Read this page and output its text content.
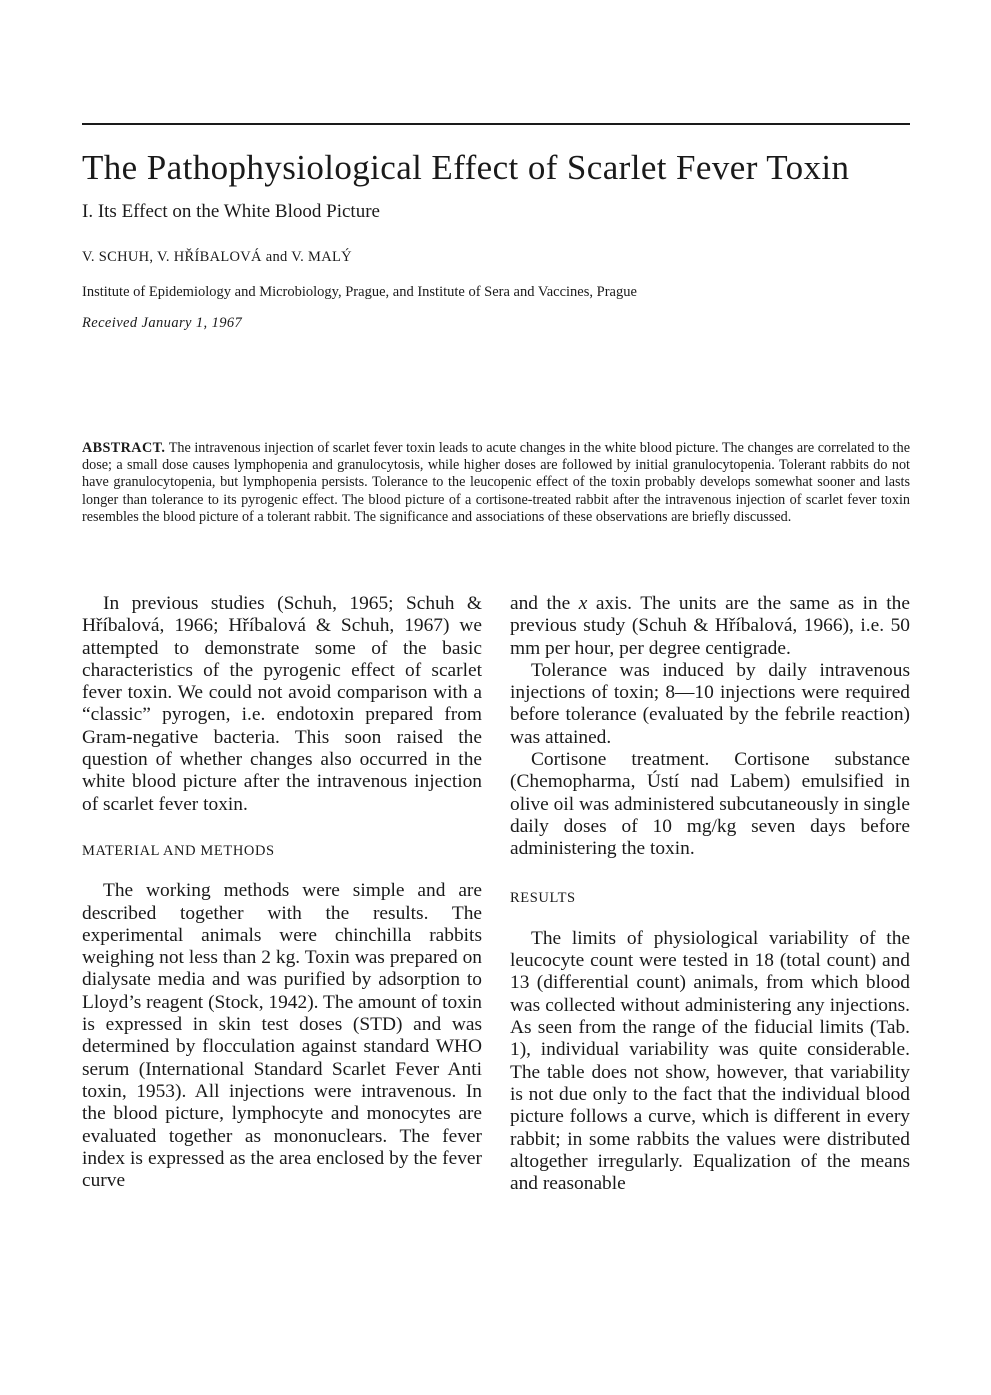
The Pathophysiological Effect of Scarlet Fever Toxin
I. Its Effect on the White Blood Picture
V. SCHUH, V. HŘÍBALOVÁ and V. MALÝ
Institute of Epidemiology and Microbiology, Prague, and Institute of Sera and Vaccines, Prague
Received January 1, 1967

ABSTRACT. The intravenous injection of scarlet fever toxin leads to acute changes in the white blood picture. The changes are correlated to the dose; a small dose causes lymphopenia and granulocytosis, while higher doses are followed by initial granulocytopenia. Tolerant rabbits do not have granulocytopenia, but lymphopenia persists. Tolerance to the leucopenic effect of the toxin probably develops somewhat sooner and lasts longer than tolerance to its pyrogenic effect. The blood picture of a cortisone-treated rabbit after the intravenous injection of scarlet fever toxin resembles the blood picture of a tolerant rabbit. The significance and associations of these observations are briefly discussed.

In previous studies (Schuh, 1965; Schuh & Hříbalová, 1966; Hříbalová & Schuh, 1967) we attempted to demonstrate some of the basic characteristics of the pyrogenic effect of scarlet fever toxin. We could not avoid comparison with a “classic” pyrogen, i.e. endotoxin prepared from Gram-negative bacteria. This soon raised the question of whether changes also occurred in the white blood picture after the intravenous injection of scarlet fever toxin.

MATERIAL AND METHODS

The working methods were simple and are described together with the results. The experimental animals were chinchilla rabbits weighing not less than 2 kg. Toxin was prepared on dialysate media and was purified by adsorption to Lloyd’s reagent (Stock, 1942). The amount of toxin is expressed in skin test doses (STD) and was determined by flocculation against standard WHO serum (International Standard Scarlet Fever Anti toxin, 1953). All injections were intravenous. In the blood picture, lymphocyte and monocytes are evaluated together as mononuclears. The fever index is expressed as the area enclosed by the fever curve

and the x axis. The units are the same as in the previous study (Schuh & Hříbalová, 1966), i.e. 50 mm per hour, per degree centigrade.

Tolerance was induced by daily intravenous injections of toxin; 8—10 injections were required before tolerance (evaluated by the febrile reaction) was attained.

Cortisone treatment. Cortisone substance (Chemopharma, Ústí nad Labem) emulsified in olive oil was administered subcutaneously in single daily doses of 10 mg/kg seven days before administering the toxin.

RESULTS

The limits of physiological variability of the leucocyte count were tested in 18 (total count) and 13 (differential count) animals, from which blood was collected without administering any injections. As seen from the range of the fiducial limits (Tab. 1), individual variability was quite considerable. The table does not show, however, that variability is not due only to the fact that the individual blood picture follows a curve, which is different in every rabbit; in some rabbits the values were distributed altogether irregularly. Equalization of the means and reasonable
